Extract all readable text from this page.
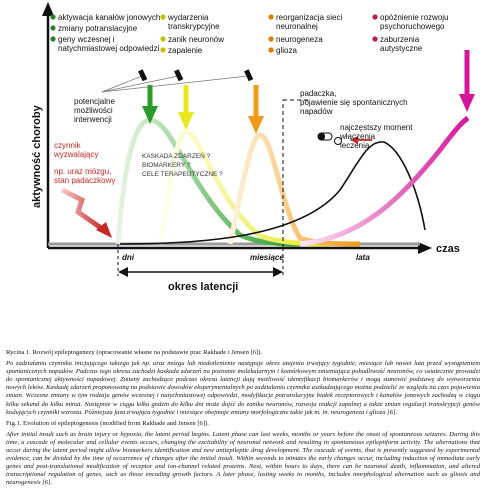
aktywność choroby
czas
potencjalne możliwości interwencji
padaczka, pojawienie się spontanicznych napadów
najczęstszy moment włączenia leczenia
KASKADA ZDARZEŃ ? BIOMARKERY ? CELE TERAPEUTYCZNE ?
czynnik wyzwalający
np. uraz mózgu, stan padaczkowy
dni	miesiące	lata
okres latencji
aktywacja kanałów jonowych
zmiany potranslacyjne
geny wczesnej i natychmiastowej odpowiedzi
wydarzenia transkrypcyjne
zanik neuronów
zapalenie
reorganizacja sieci neuronalnej
neurogeneza
glioza
opóźnienie rozwoju psychoruchowego
zaburzenia autystyczne

Rycina 1. Rozwój epileptogenezy (opracowanie własne na podstawie prac Rakhade i Jensen [6]).

Po zadziałaniu czynnika inicjującego takiego jak np. uraz mózgu lub niedotlenienie następuje okres utajenia trwający tygodnie, miesiące lub nawet lata przed wystąpieniem spontanicznych napadów. Podczas tego okresu zachodzi kaskada zdarzeń na poziomie molekularnym i komórkowym zmieniająca pobudliwość neuronów, co ostatecznie prowadzi do spontanicznej aktywności napadowej. Zmiany zachodzące podczas okresu latencji dają możliwość identyfikacji biomarkerów i mogą stanowić podstawę do wytworzenia nowych leków. Kaskadę zdarzeń proponowaną na podstawie dowodów eksperymentalnych po zadziałaniu czynnika uszkadzającego można podzielić ze względu na czas pojawienia zmian. Wczesne zmiany w tym rodzaju genów wczesnej i natychmiastowej odpowiedzi, modyfikacje potranslacyjne białek receptorowych i kanałów jonowych zachodzą w ciągu kilku sekund do kilku minut. Następnie w ciągu kilku godzin do kilku dni może dojść do zaniku neuronów, rozwoju reakcji zapalnej a także zmian regulacji transkrypcji genów kodujących czynniki wzrostu. Późniejsza faza trwająca tygodnie i miesiące obejmuje zmiany morfologiczne takie jak m. in. neurogeneza i glioza [6].

Fig.1. Evolution of epileptogenesis (modified from Rakhade and Jensen [6]).

After initial insult such as brain injury or hypoxia, the latent period begins. Latent phase can last weeks, months or years before the onset of spontaneous seizures. During this time, a cascade of molecular and cellular events occurs, changing the excitability of neuronal network and resulting in spontaneous epileptiform activity. The alternations that occur during the latent period might allow biomarkers identification and new antiepileptic drug development. The cascade of events, that is presently suggested by experimental evidence, can be divided by the time of occurrence of changes after the initial insult. Within seconds to minutes the early changes occur, including induction of immediate early genes and post-translational modification of receptor and ion-channel related proteins. Next, within hours to days, there can be neuronal death, inflammation, and altered transcriptional regulation of genes, such as those encoding growth factors. A later phase, lasting weeks to months, includes morphological alternation such as gliosis and neurogenesis [6].
